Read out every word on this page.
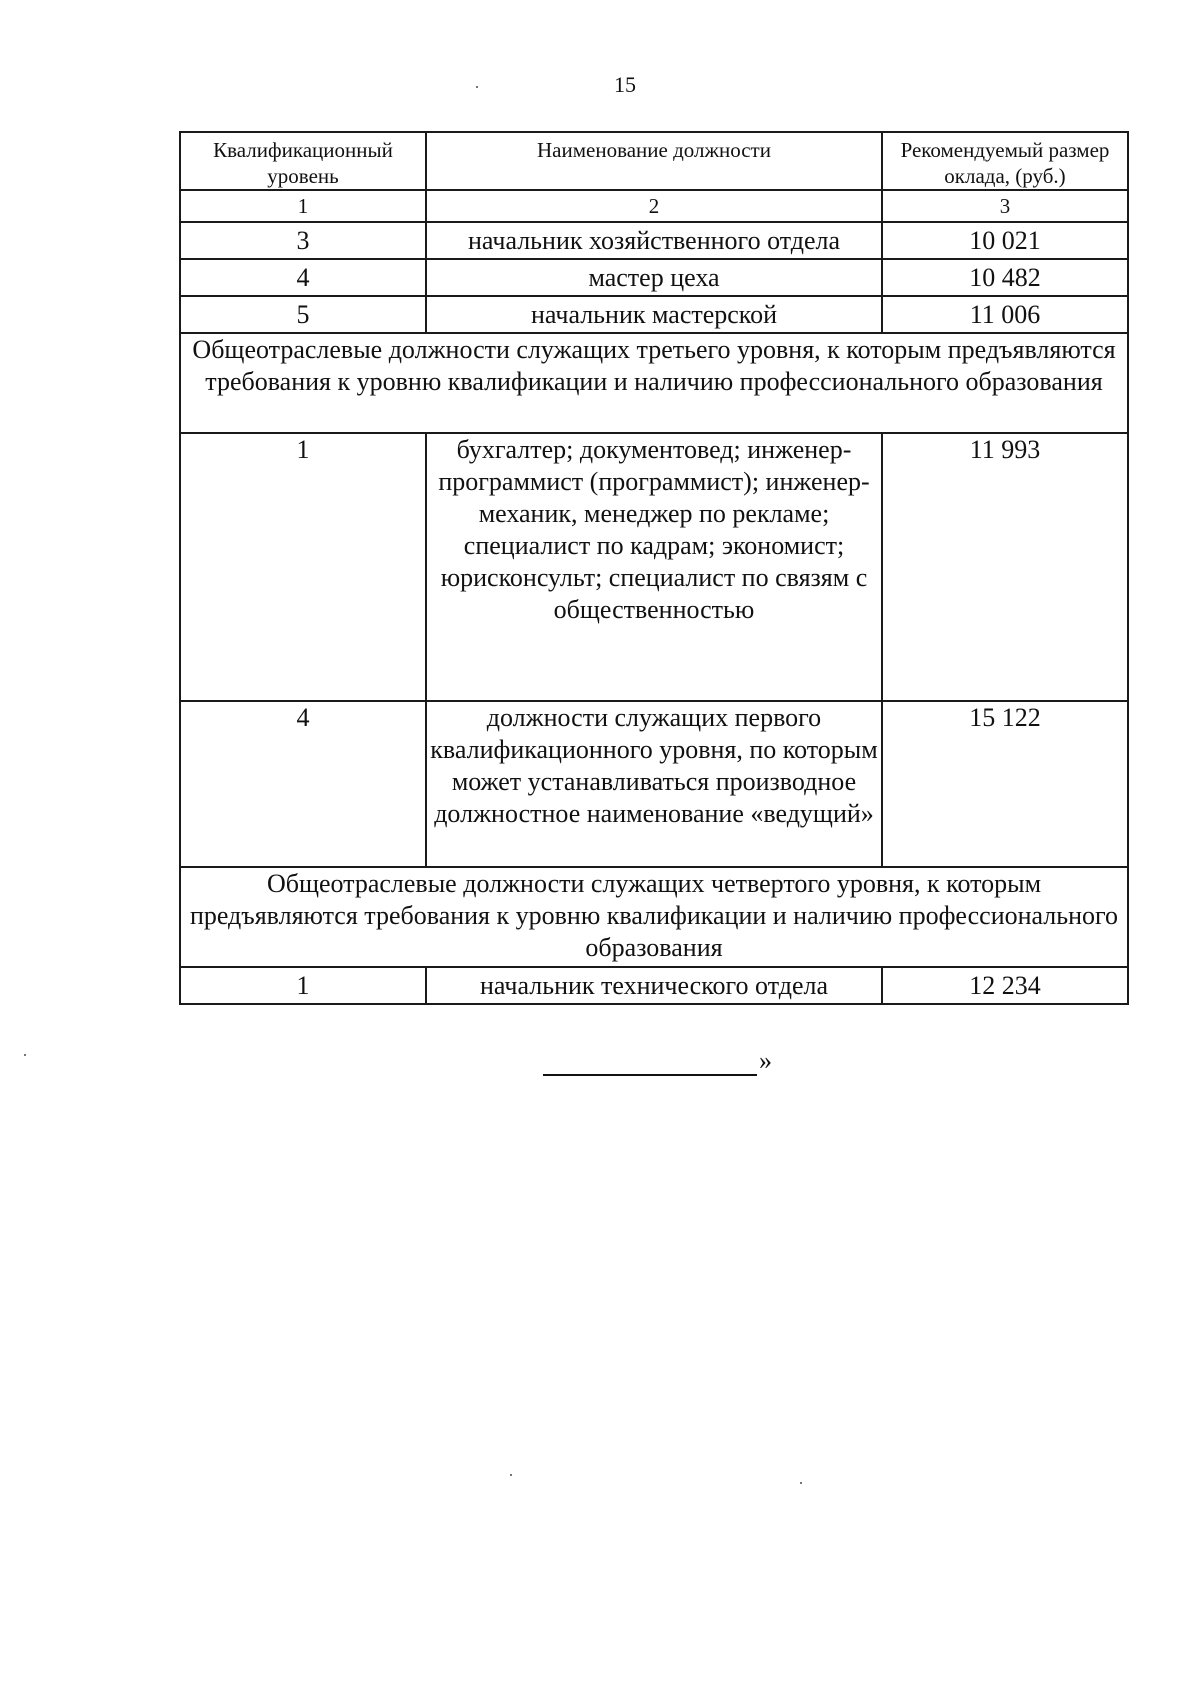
15
Квалификационный уровень	Наименование должности	Рекомендуемый размер оклада, (руб.)
1	2	3
3	начальник хозяйственного отдела	10 021
4	мастер цеха	10 482
5	начальник мастерской	11 006
Общеотраслевые должности служащих третьего уровня, к которым предъявляются требования к уровню квалификации и наличию профессионального образования		
1	бухгалтер; документовед; инженер-программист (программист); инженер-механик, менеджер по рекламе; специалист по кадрам; экономист; юрисконсульт; специалист по связям с общественностью	11 993
4	должности служащих первого квалификационного уровня, по которым может устанавливаться производное должностное наименование «ведущий»	15 122
Общеотраслевые должности служащих четвертого уровня, к которым предъявляются требования к уровню квалификации и наличию профессионального образования		
1	начальник технического отдела	12 234
»
